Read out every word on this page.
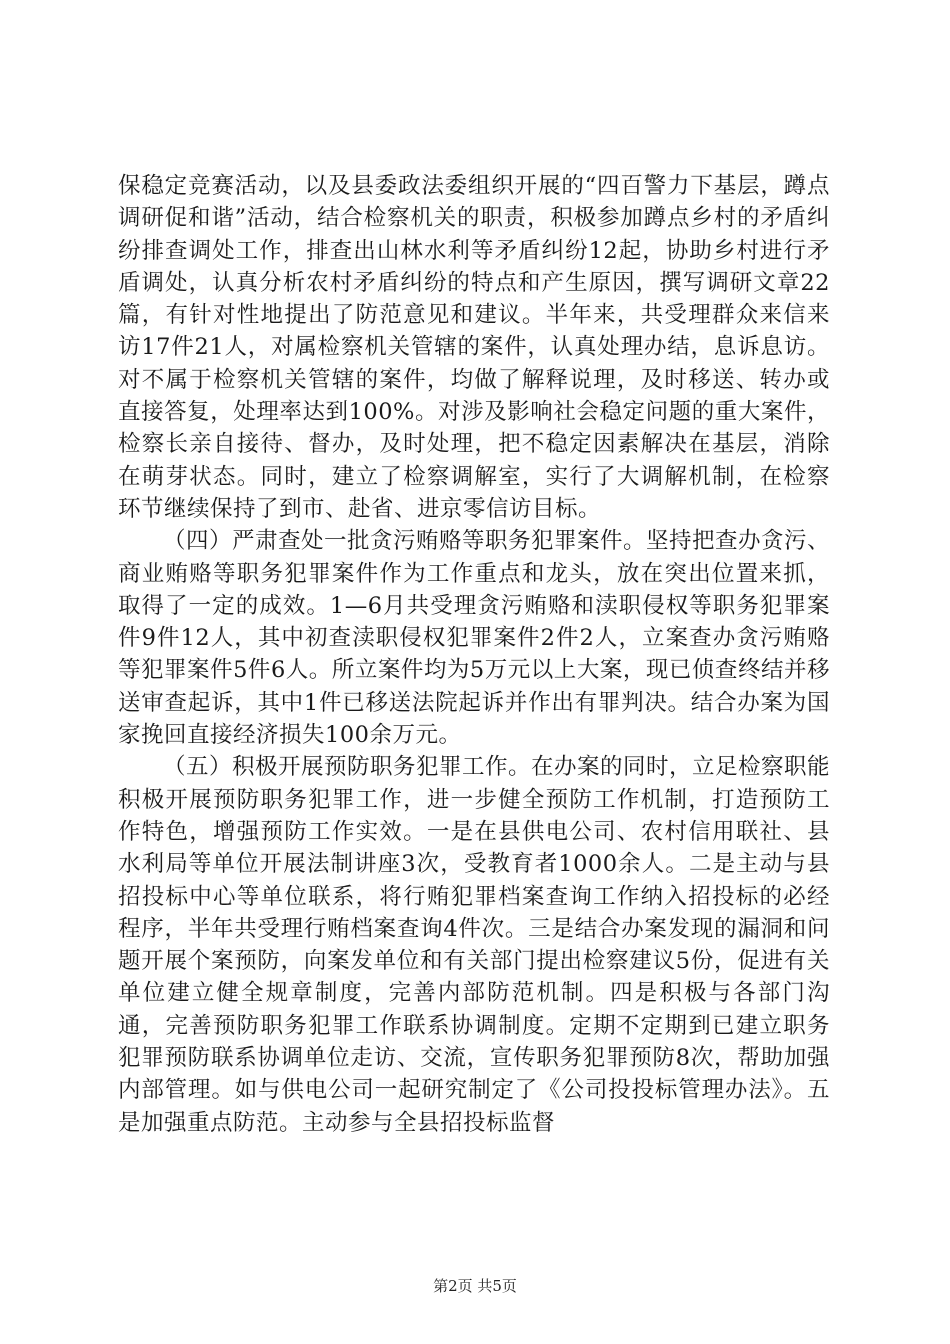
保稳定竞赛活动，以及县委政法委组织开展的“四百警力下基层，蹲点调研促和谐”活动，结合检察机关的职责，积极参加蹲点乡村的矛盾纠纷排查调处工作，排查出山林水利等矛盾纠纷12起，协助乡村进行矛盾调处，认真分析农村矛盾纠纷的特点和产生原因，撰写调研文章22篇，有针对性地提出了防范意见和建议。半年来，共受理群众来信来访17件21人，对属检察机关管辖的案件，认真处理办结，息诉息访。对不属于检察机关管辖的案件，均做了解释说理，及时移送、转办或直接答复，处理率达到100%。对涉及影响社会稳定问题的重大案件，检察长亲自接待、督办，及时处理，把不稳定因素解决在基层，消除在萌芽状态。同时，建立了检察调解室，实行了大调解机制，在检察环节继续保持了到市、赴省、进京零信访目标。

（四）严肃查处一批贪污贿赂等职务犯罪案件。坚持把查办贪污、商业贿赂等职务犯罪案件作为工作重点和龙头，放在突出位置来抓，取得了一定的成效。1—6月共受理贪污贿赂和渎职侵权等职务犯罪案件9件12人，其中初查渎职侵权犯罪案件2件2人，立案查办贪污贿赂等犯罪案件5件6人。所立案件均为5万元以上大案，现已侦查终结并移送审查起诉，其中1件已移送法院起诉并作出有罪判决。结合办案为国家挽回直接经济损失100余万元。

（五）积极开展预防职务犯罪工作。在办案的同时，立足检察职能积极开展预防职务犯罪工作，进一步健全预防工作机制，打造预防工作特色，增强预防工作实效。一是在县供电公司、农村信用联社、县水利局等单位开展法制讲座3次，受教育者1000余人。二是主动与县招投标中心等单位联系，将行贿犯罪档案查询工作纳入招投标的必经程序，半年共受理行贿档案查询4件次。三是结合办案发现的漏洞和问题开展个案预防，向案发单位和有关部门提出检察建议5份，促进有关单位建立健全规章制度，完善内部防范机制。四是积极与各部门沟通，完善预防职务犯罪工作联系协调制度。定期不定期到已建立职务犯罪预防联系协调单位走访、交流，宣传职务犯罪预防8次，帮助加强内部管理。如与供电公司一起研究制定了《公司投投标管理办法》。五是加强重点防范。主动参与全县招投标监督

第2页 共5页
